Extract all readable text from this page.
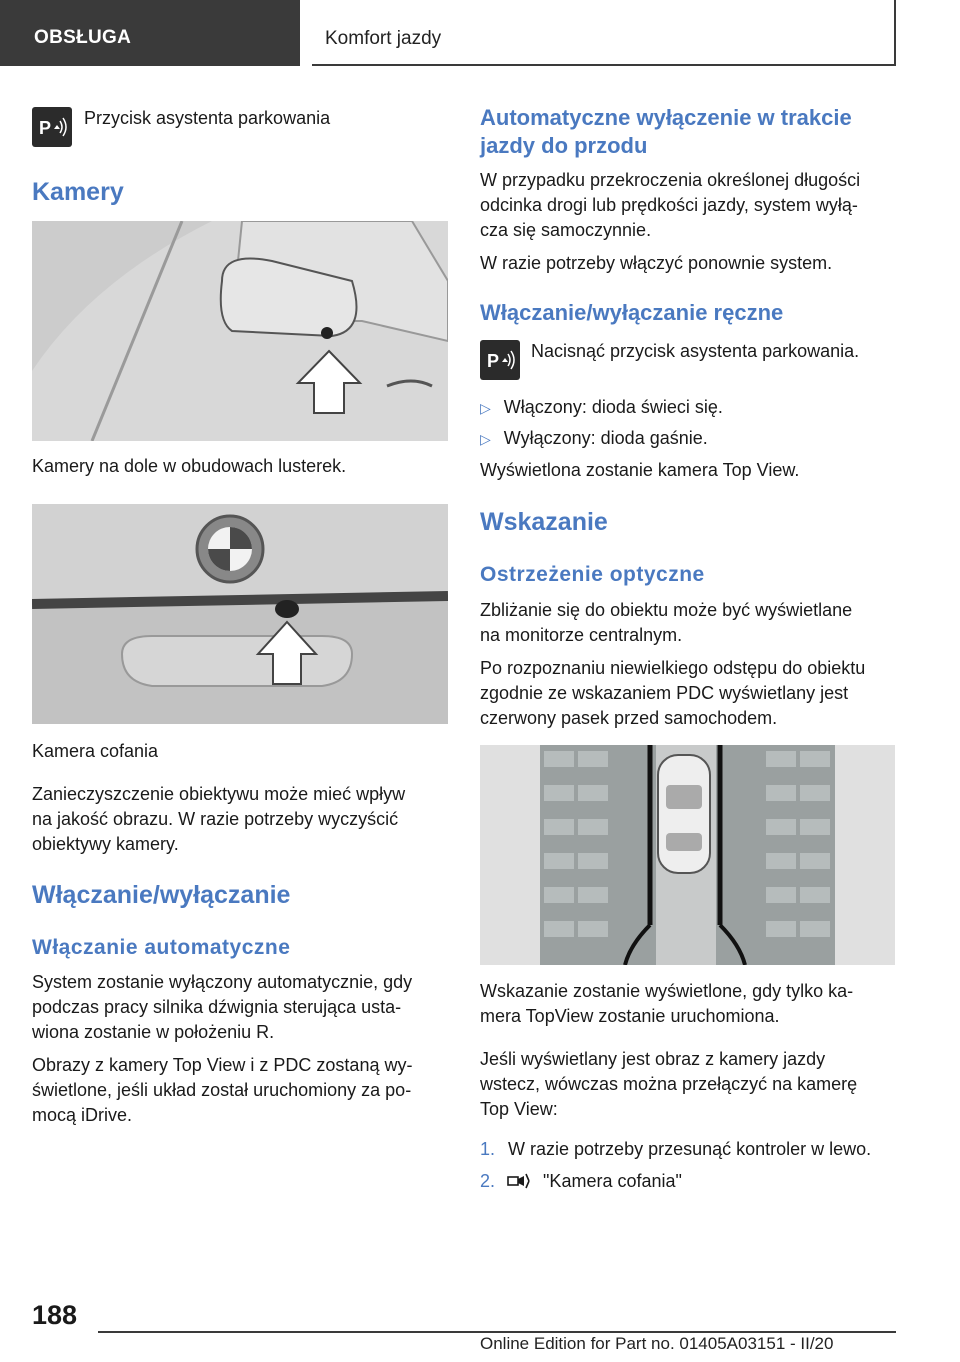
OBSŁUGA	Komfort jazdy
P Przycisk asystenta parkowania
Kamery
Kamery na dole w obudowach lusterek.
Kamera cofania
Zanieczyszczenie obiektywu może mieć wpływ
na jakość obrazu. W razie potrzeby wyczyścić
obiektywy kamery.
Włączanie/wyłączanie
Włączanie automatyczne
System zostanie wyłączony automatycznie, gdy
podczas pracy silnika dźwignia sterująca usta‐
wiona zostanie w położeniu R.
Obrazy z kamery Top View i z PDC zostaną wy‐
świetlone, jeśli układ został uruchomiony za po‐
mocą iDrive.
Automatyczne wyłączenie w trakcie
jazdy do przodu
W przypadku przekroczenia określonej długości
odcinka drogi lub prędkości jazdy, system wyłą‐
cza się samoczynnie.
W razie potrzeby włączyć ponownie system.
Włączanie/wyłączanie ręczne
P Nacisnąć przycisk asystenta parkowania.
▷ Włączony: dioda świeci się.
▷ Wyłączony: dioda gaśnie.
Wyświetlona zostanie kamera Top View.
Wskazanie
Ostrzeżenie optyczne
Zbliżanie się do obiektu może być wyświetlane
na monitorze centralnym.
Po rozpoznaniu niewielkiego odstępu do obiektu
zgodnie ze wskazaniem PDC wyświetlany jest
czerwony pasek przed samochodem.
Wskazanie zostanie wyświetlone, gdy tylko ka‐
mera TopView zostanie uruchomiona.
Jeśli wyświetlany jest obraz z kamery jazdy
wstecz, wówczas można przełączyć na kamerę
Top View:
1. W razie potrzeby przesunąć kontroler w lewo.
2.	"Kamera cofania"
188
Online Edition for Part no. 01405A03151 - II/20
